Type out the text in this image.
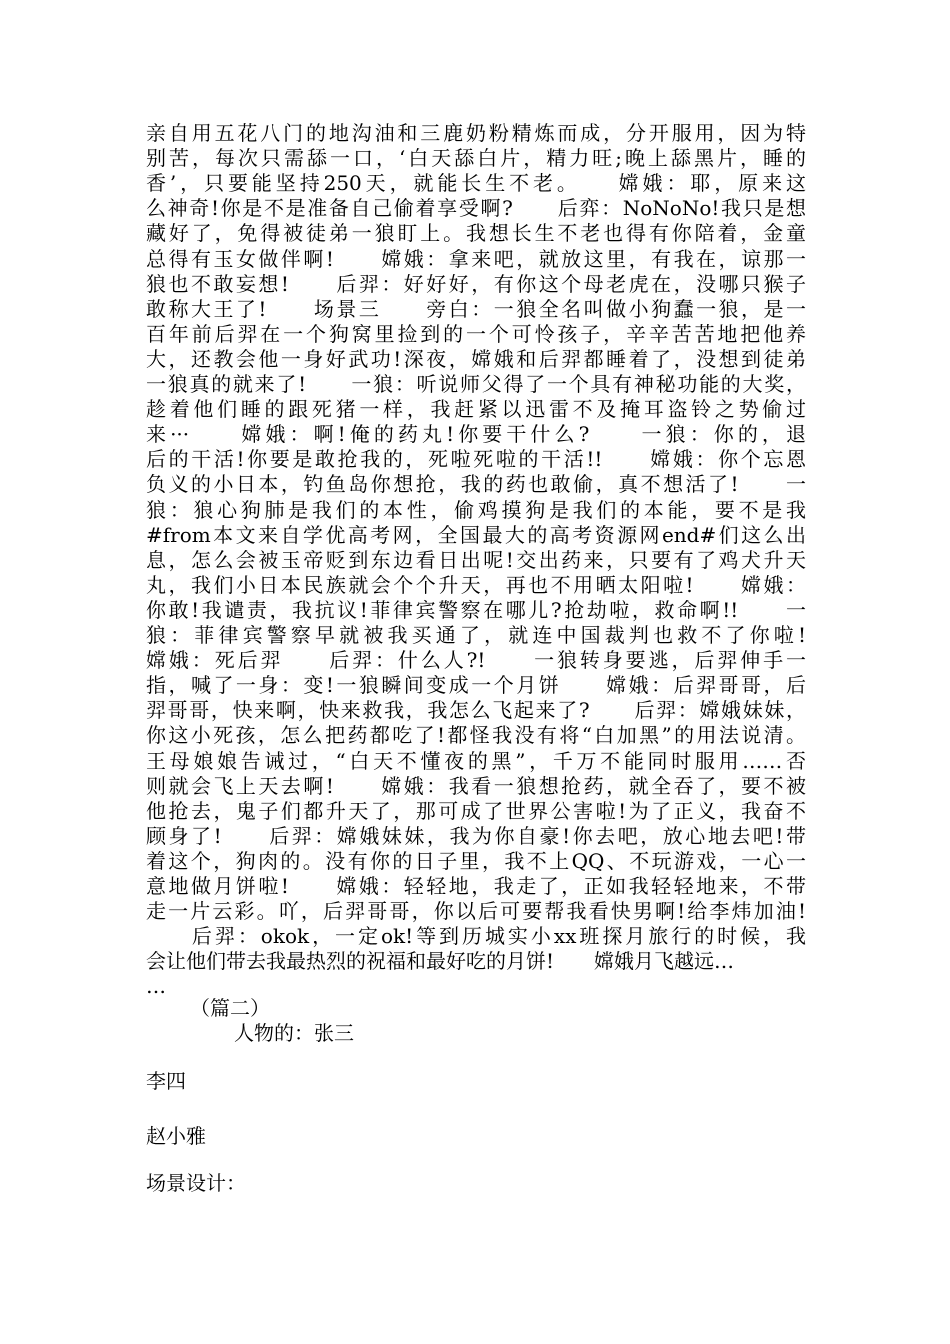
亲自用五花八门的地沟油和三鹿奶粉精炼而成，分开服用，因为特
别苦，每次只需舔一口，‘白天舔白片，精力旺;晚上舔黑片，睡的
香’，只要能坚持250天，就能长生不老。　　嫦娥：耶，原来这
么神奇!你是不是准备自己偷着享受啊?　　后弈：NoNoNo!我只是想
藏好了，免得被徒弟一狼盯上。我想长生不老也得有你陪着，金童
总得有玉女做伴啊!　　嫦娥：拿来吧，就放这里，有我在，谅那一
狼也不敢妄想!　　后羿：好好好，有你这个母老虎在，没哪只猴子
敢称大王了!　　场景三　　旁白：一狼全名叫做小狗蠢一狼，是一
百年前后羿在一个狗窝里捡到的一个可怜孩子，辛辛苦苦地把他养
大，还教会他一身好武功!深夜，嫦娥和后羿都睡着了，没想到徒弟
一狼真的就来了!　　一狼：听说师父得了一个具有神秘功能的大奖，
趁着他们睡的跟死猪一样，我赶紧以迅雷不及掩耳盗铃之势偷过
来···　　嫦娥：啊!俺的药丸!你要干什么?　　一狼：你的，退
后的干活!你要是敢抢我的，死啦死啦的干活!!　　嫦娥：你个忘恩
负义的小日本，钓鱼岛你想抢，我的药也敢偷，真不想活了!　　一
狼：狼心狗肺是我们的本性，偷鸡摸狗是我们的本能，要不是我
#from本文来自学优高考网，全国最大的高考资源网end#们这么出
息，怎么会被玉帝贬到东边看日出呢!交出药来，只要有了鸡犬升天
丸，我们小日本民族就会个个升天，再也不用晒太阳啦!　　嫦娥：
你敢!我谴责，我抗议!菲律宾警察在哪儿?抢劫啦，救命啊!!　　一
狼：菲律宾警察早就被我买通了，就连中国裁判也救不了你啦!
嫦娥：死后羿　　后羿：什么人?!　　一狼转身要逃，后羿伸手一
指，喊了一身：变!一狼瞬间变成一个月饼　　嫦娥：后羿哥哥，后
羿哥哥，快来啊，快来救我，我怎么飞起来了?　　后羿：嫦娥妹妹，
你这小死孩，怎么把药都吃了!都怪我没有将“白加黑”的用法说清。
王母娘娘告诫过，“白天不懂夜的黑”，千万不能同时服用……否
则就会飞上天去啊!　　嫦娥：我看一狼想抢药，就全吞了，要不被
他抢去，鬼子们都升天了，那可成了世界公害啦!为了正义，我奋不
顾身了!　　后羿：嫦娥妹妹，我为你自豪!你去吧，放心地去吧!带
着这个，狗肉的。没有你的日子里，我不上QQ、不玩游戏，一心一
意地做月饼啦!　　嫦娥：轻轻地，我走了，正如我轻轻地来，不带
走一片云彩。吖，后羿哥哥，你以后可要帮我看快男啊!给李炜加油!
　　后羿：okok，一定ok!等到历城实小xx班探月旅行的时候，我
会让他们带去我最热烈的祝福和最好吃的月饼!　　嫦娥月飞越远…
…
（篇二）
人物的：张三
李四
赵小雅
场景设计：
